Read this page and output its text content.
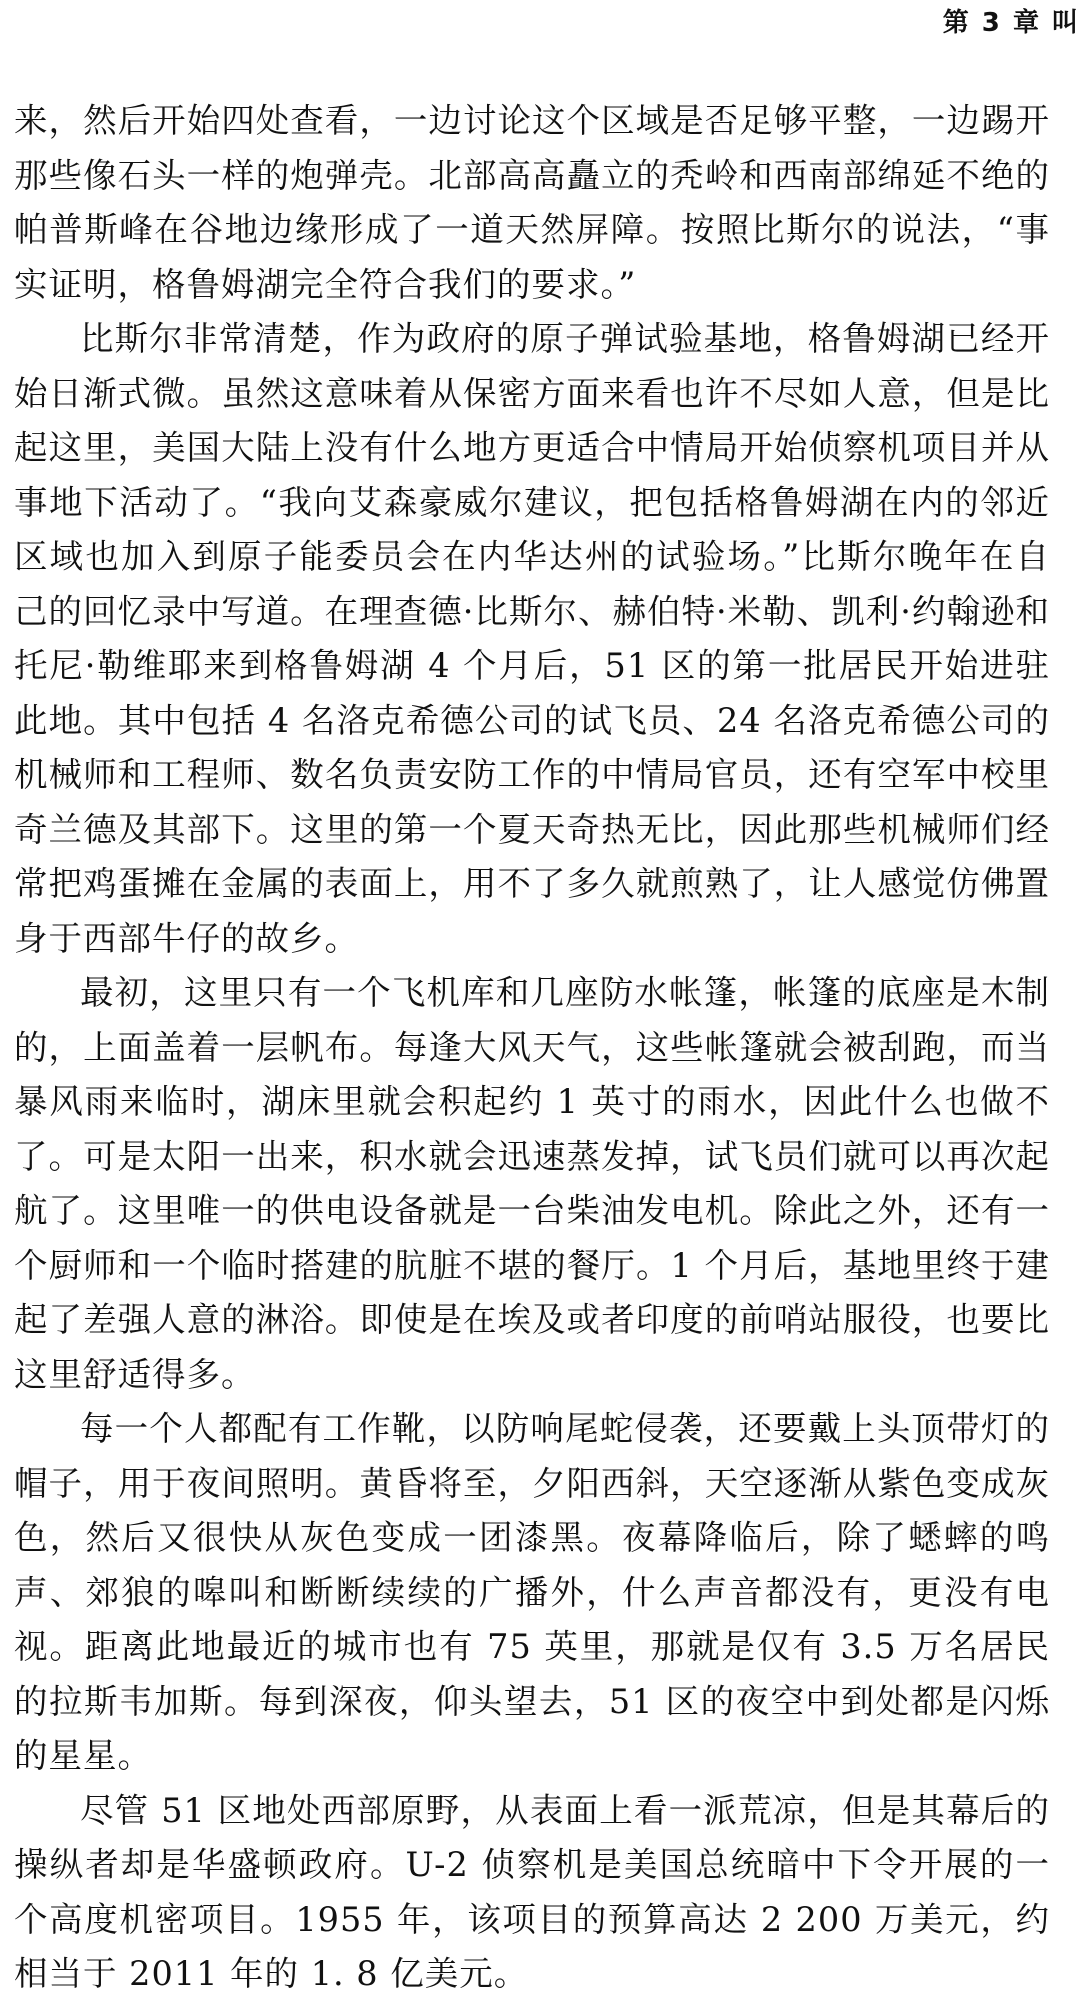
第 3 章 叫

来，然后开始四处查看，一边讨论这个区域是否足够平整，一边踢开那些像石头一样的炮弹壳。北部高高矗立的秃岭和西南部绵延不绝的帕普斯峰在谷地边缘形成了一道天然屏障。按照比斯尔的说法，“事实证明，格鲁姆湖完全符合我们的要求。”

比斯尔非常清楚，作为政府的原子弹试验基地，格鲁姆湖已经开始日渐式微。虽然这意味着从保密方面来看也许不尽如人意，但是比起这里，美国大陆上没有什么地方更适合中情局开始侦察机项目并从事地下活动了。“我向艾森豪威尔建议，把包括格鲁姆湖在内的邻近区域也加入到原子能委员会在内华达州的试验场。”比斯尔晚年在自己的回忆录中写道。在理查德·比斯尔、赫伯特·米勒、凯利·约翰逊和托尼·勒维耶来到格鲁姆湖 4 个月后，51 区的第一批居民开始进驻此地。其中包括 4 名洛克希德公司的试飞员、24 名洛克希德公司的机械师和工程师、数名负责安防工作的中情局官员，还有空军中校里奇兰德及其部下。这里的第一个夏天奇热无比，因此那些机械师们经常把鸡蛋摊在金属的表面上，用不了多久就煎熟了，让人感觉仿佛置身于西部牛仔的故乡。

最初，这里只有一个飞机库和几座防水帐篷，帐篷的底座是木制的，上面盖着一层帆布。每逢大风天气，这些帐篷就会被刮跑，而当暴风雨来临时，湖床里就会积起约 1 英寸的雨水，因此什么也做不了。可是太阳一出来，积水就会迅速蒸发掉，试飞员们就可以再次起航了。这里唯一的供电设备就是一台柴油发电机。除此之外，还有一个厨师和一个临时搭建的肮脏不堪的餐厅。1 个月后，基地里终于建起了差强人意的淋浴。即使是在埃及或者印度的前哨站服役，也要比这里舒适得多。

每一个人都配有工作靴，以防响尾蛇侵袭，还要戴上头顶带灯的帽子，用于夜间照明。黄昏将至，夕阳西斜，天空逐渐从紫色变成灰色，然后又很快从灰色变成一团漆黑。夜幕降临后，除了蟋蟀的鸣声、郊狼的嗥叫和断断续续的广播外，什么声音都没有，更没有电视。距离此地最近的城市也有 75 英里，那就是仅有 3.5 万名居民的拉斯韦加斯。每到深夜，仰头望去，51 区的夜空中到处都是闪烁的星星。

尽管 51 区地处西部原野，从表面上看一派荒凉，但是其幕后的操纵者却是华盛顿政府。U-2 侦察机是美国总统暗中下令开展的一个高度机密项目。1955 年，该项目的预算高达 2 200 万美元，约相当于 2011 年的 1. 8 亿美元。
